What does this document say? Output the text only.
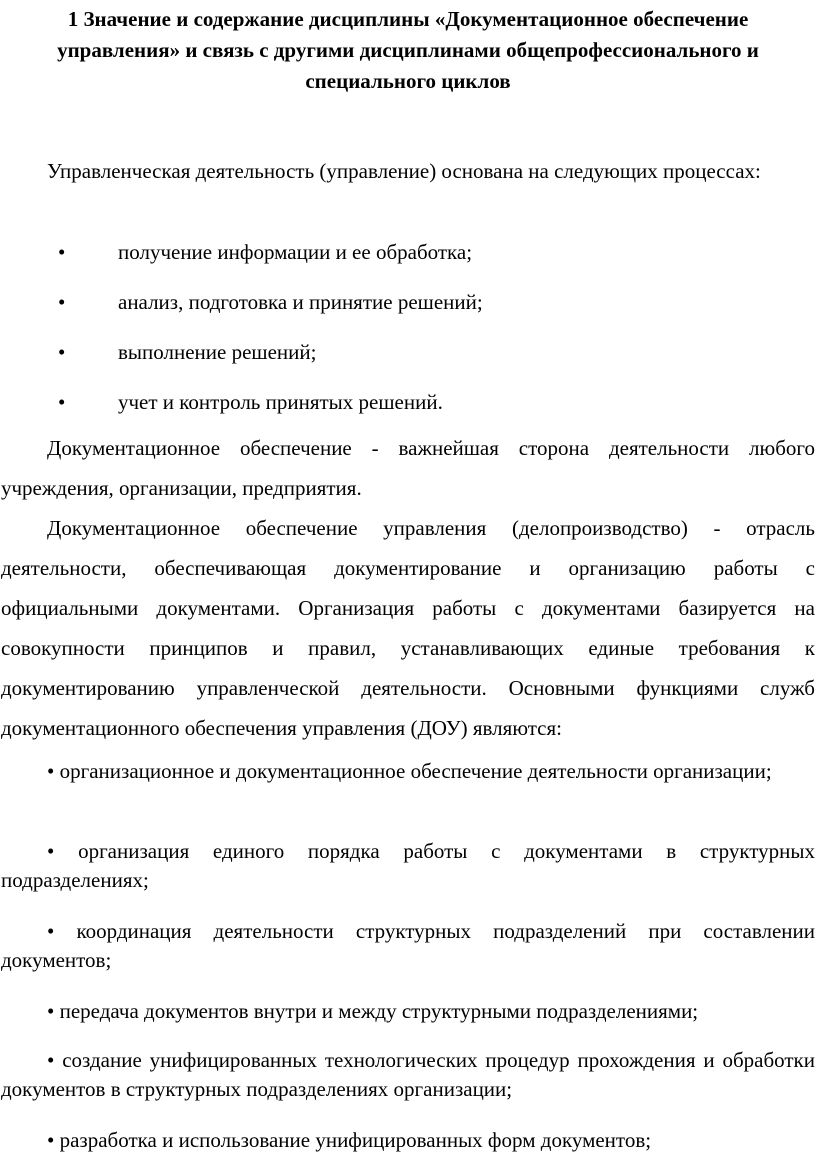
1 Значение и содержание дисциплины «Документационное обеспечение
управления» и связь с другими дисциплинами общепрофессионального и
специального циклов
Управленческая деятельность (управление) основана на следующих процессах:
•	получение информации и ее обработка;
•	анализ, подготовка и принятие решений;
•	выполнение решений;
•	учет и контроль принятых решений.
Документационное обеспечение - важнейшая сторона деятельности любого учреждения, организации, предприятия.
Документационное обеспечение управления (делопроизводство) - отрасль деятельности, обеспечивающая документирование и организацию работы с официальными документами. Организация работы с документами базируется на совокупности принципов и правил, устанавливающих единые требования к документированию управленческой деятельности. Основными функциями служб документационного обеспечения управления (ДОУ) являются:
• организационное и документационное обеспечение деятельности организации;
• организация единого порядка работы с документами в структурных подразделениях;
• координация деятельности структурных подразделений при составлении документов;
• передача документов внутри и между структурными подразделениями;
• создание унифицированных технологических процедур прохождения и обработки документов в структурных подразделениях организации;
• разработка и использование унифицированных форм документов;
